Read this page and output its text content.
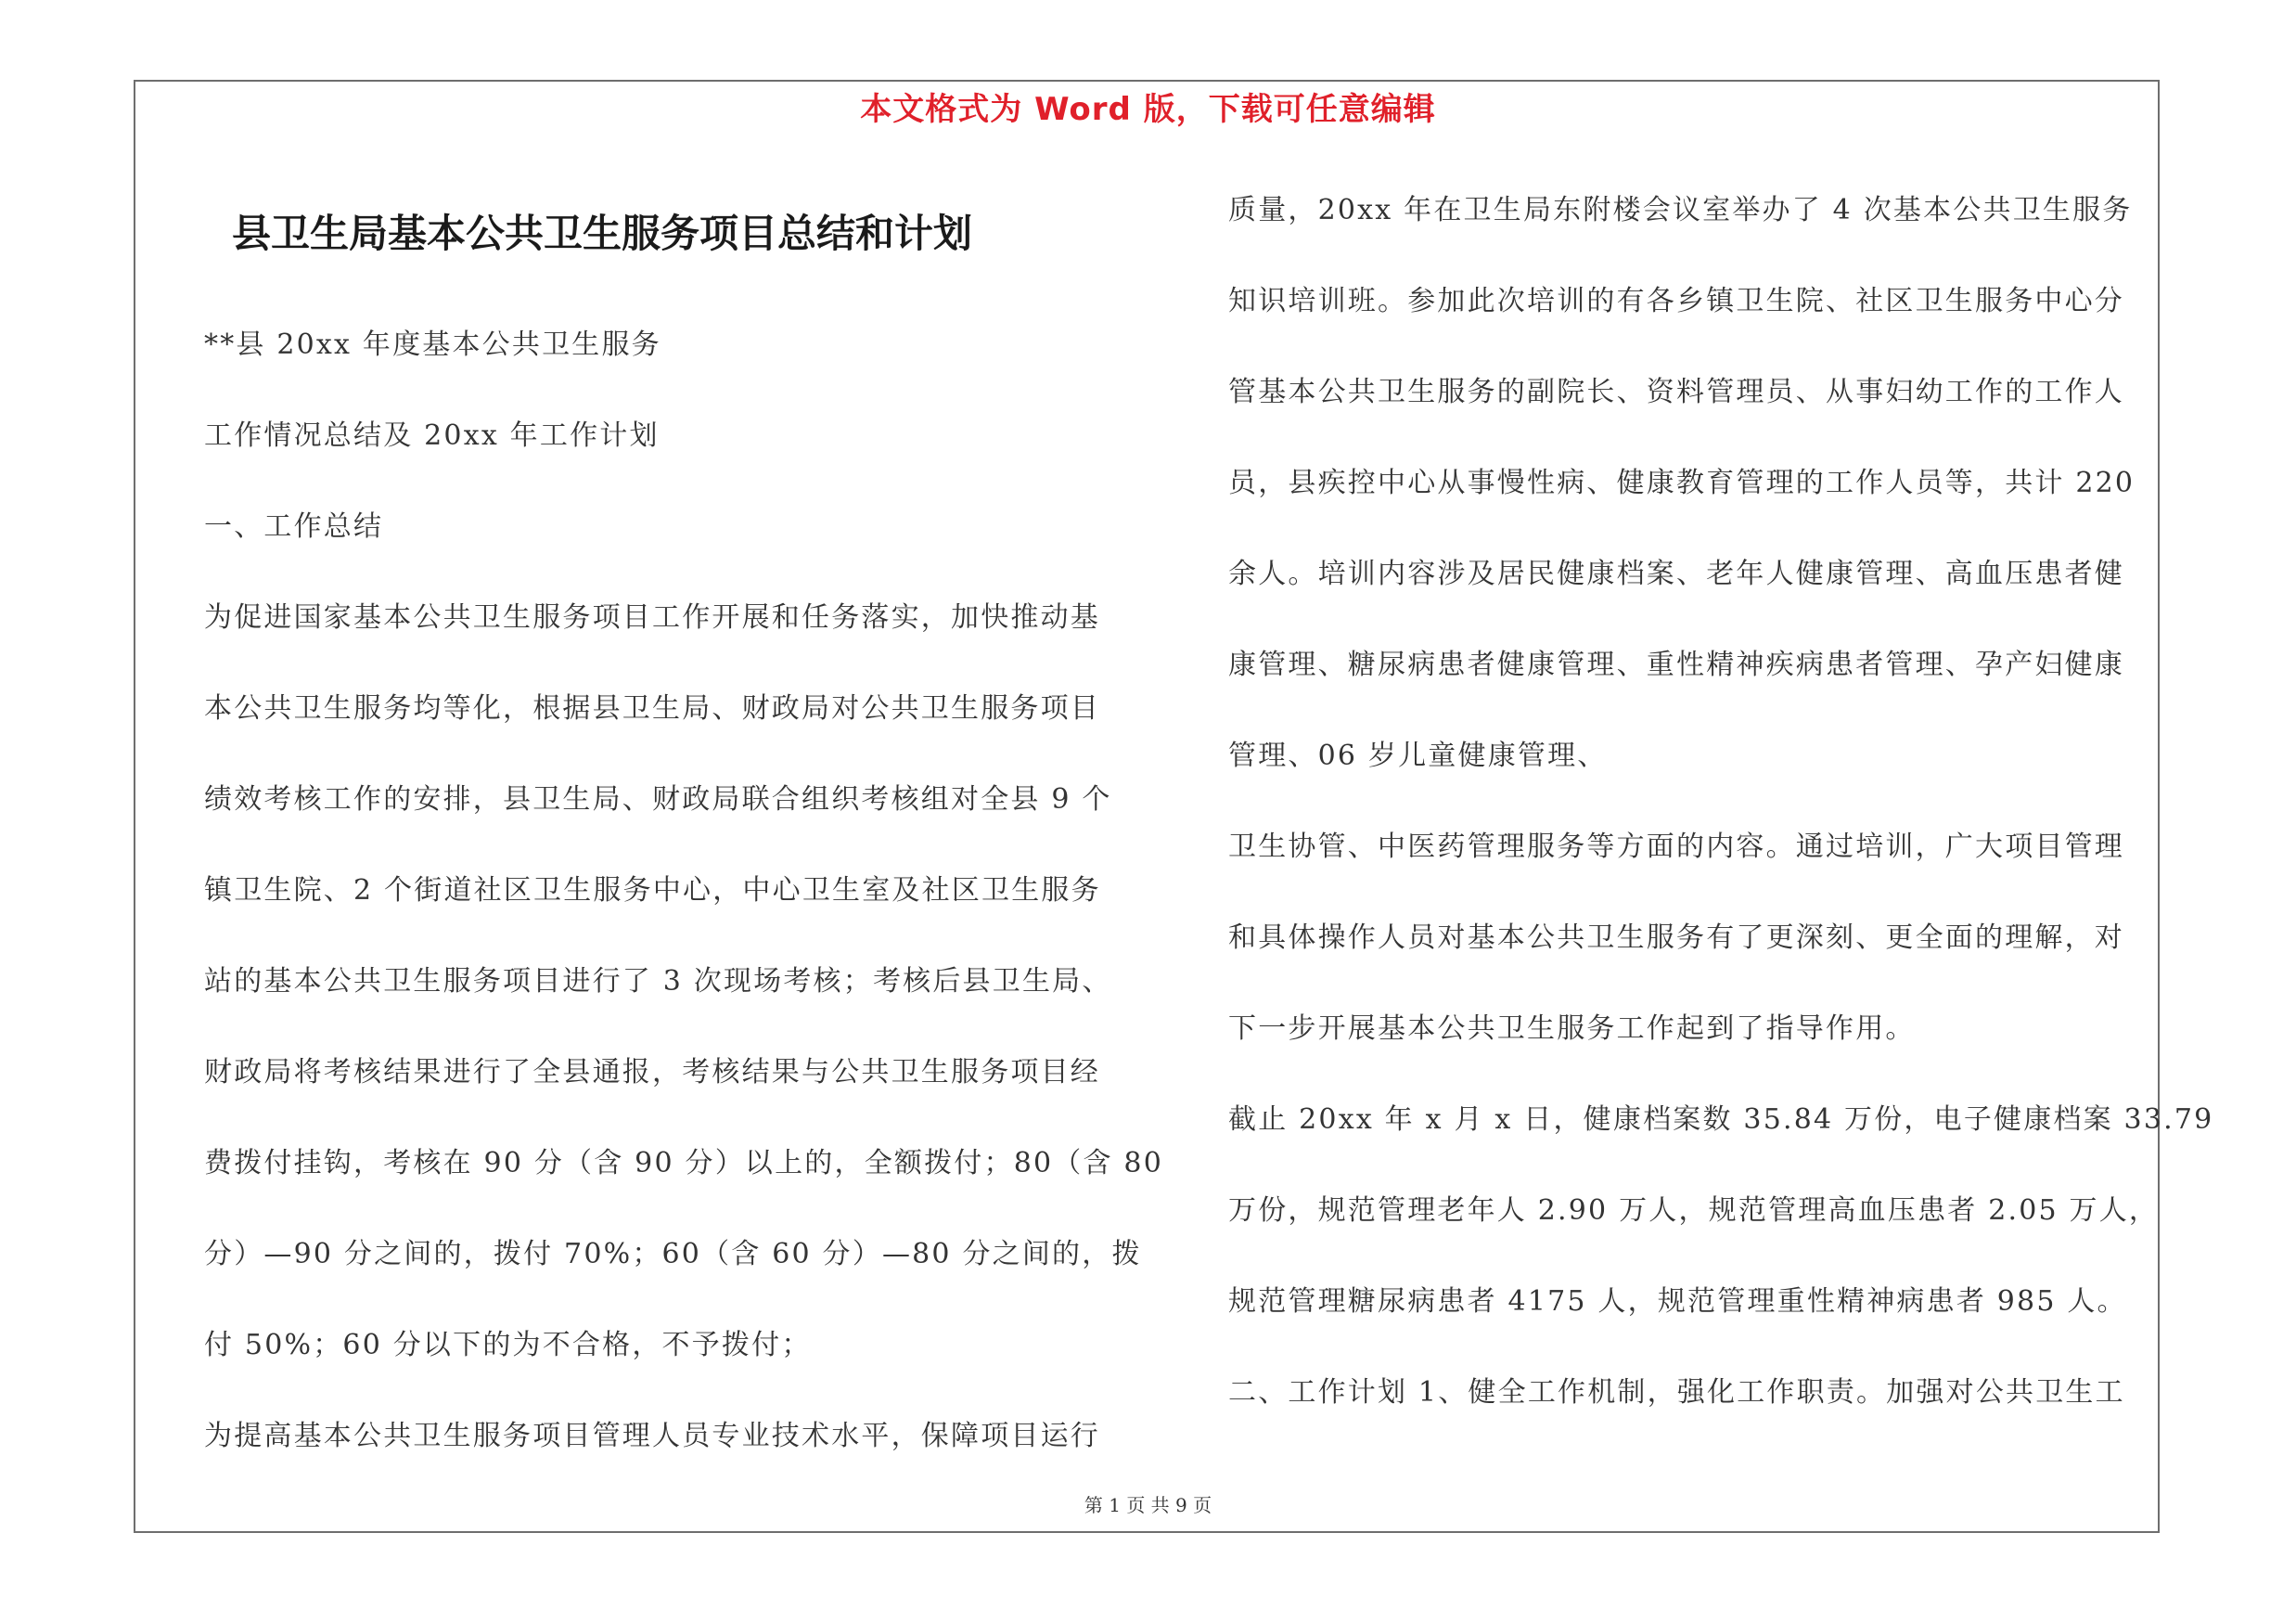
本文格式为 Word 版，下载可任意编辑
县卫生局基本公共卫生服务项目总结和计划
**县 20xx 年度基本公共卫生服务
工作情况总结及 20xx 年工作计划
一、工作总结
为促进国家基本公共卫生服务项目工作开展和任务落实，加快推动基
本公共卫生服务均等化，根据县卫生局、财政局对公共卫生服务项目
绩效考核工作的安排，县卫生局、财政局联合组织考核组对全县 9 个
镇卫生院、2 个街道社区卫生服务中心，中心卫生室及社区卫生服务
站的基本公共卫生服务项目进行了 3 次现场考核；考核后县卫生局、
财政局将考核结果进行了全县通报，考核结果与公共卫生服务项目经
费拨付挂钩，考核在 90 分（含 90 分）以上的，全额拨付；80（含 80
分）—90 分之间的，拨付 70%；60（含 60 分）—80 分之间的，拨
付 50%；60 分以下的为不合格，不予拨付；
为提高基本公共卫生服务项目管理人员专业技术水平，保障项目运行
质量，20xx 年在卫生局东附楼会议室举办了 4 次基本公共卫生服务
知识培训班。参加此次培训的有各乡镇卫生院、社区卫生服务中心分
管基本公共卫生服务的副院长、资料管理员、从事妇幼工作的工作人
员，县疾控中心从事慢性病、健康教育管理的工作人员等，共计 220
余人。培训内容涉及居民健康档案、老年人健康管理、高血压患者健
康管理、糖尿病患者健康管理、重性精神疾病患者管理、孕产妇健康
管理、06 岁儿童健康管理、
卫生协管、中医药管理服务等方面的内容。通过培训，广大项目管理
和具体操作人员对基本公共卫生服务有了更深刻、更全面的理解，对
下一步开展基本公共卫生服务工作起到了指导作用。
截止 20xx 年 x 月 x 日，健康档案数 35.84 万份，电子健康档案 33.79
万份，规范管理老年人 2.90 万人，规范管理高血压患者 2.05 万人，
规范管理糖尿病患者 4175 人，规范管理重性精神病患者 985 人。
二、工作计划 1、健全工作机制，强化工作职责。加强对公共卫生工
第 1 页 共 9 页
